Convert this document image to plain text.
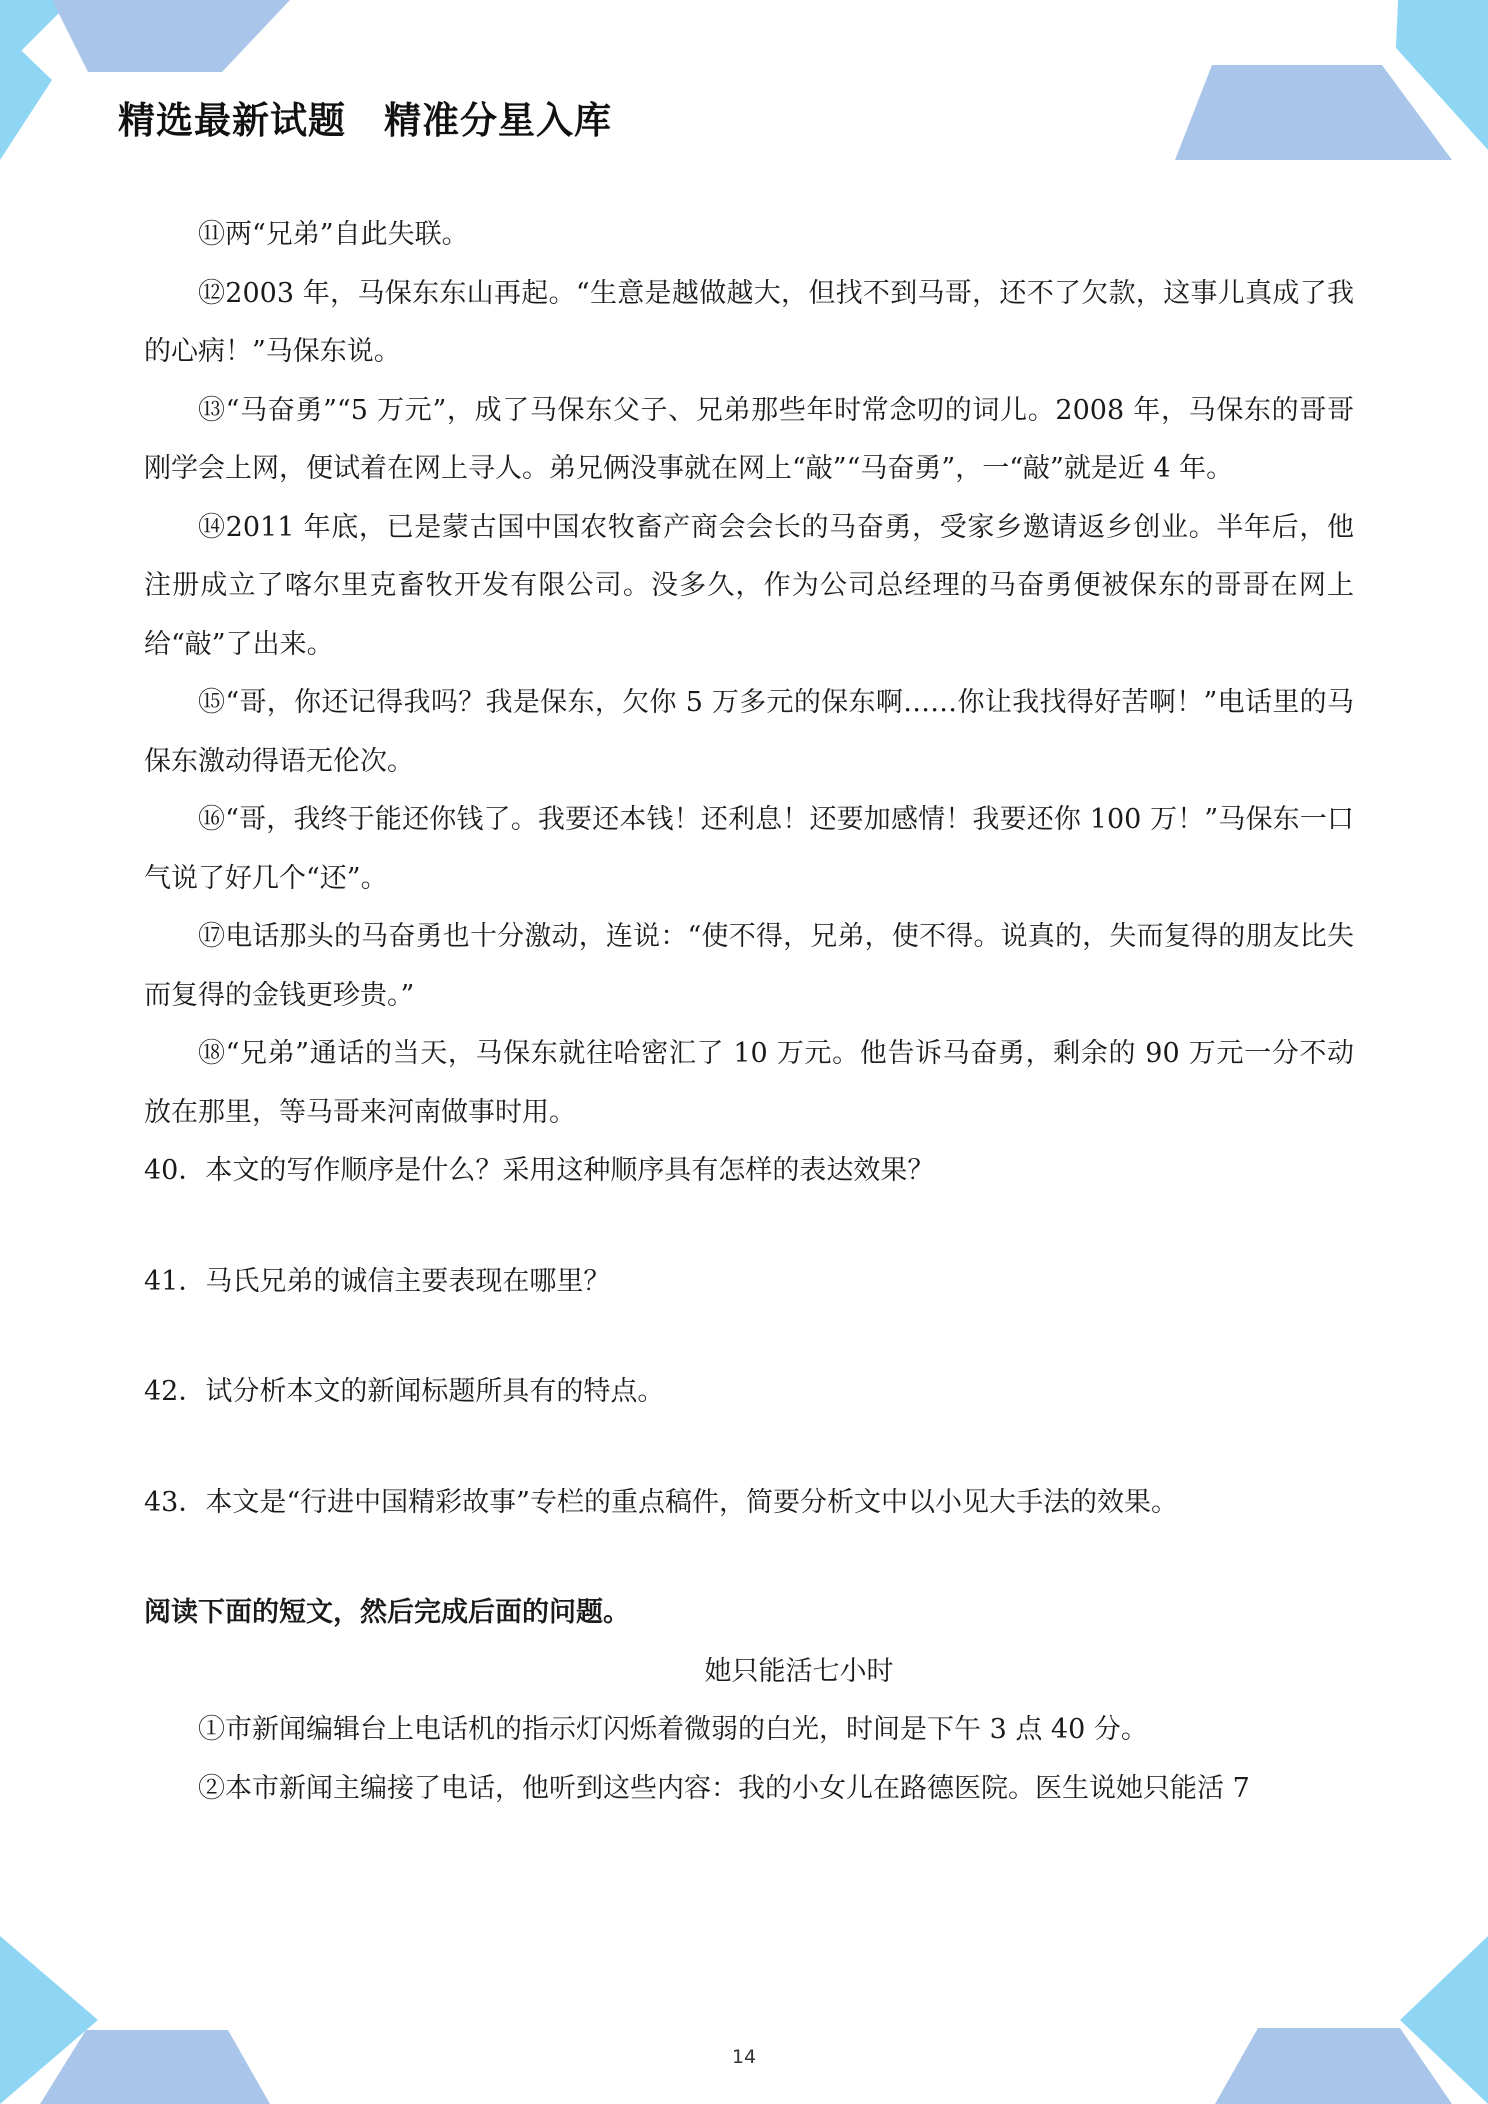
精选最新试题　精准分星入库

⑪两“兄弟”自此失联。

⑫2003 年，马保东东山再起。“生意是越做越大，但找不到马哥，还不了欠款，这事儿真成了我的心病！”马保东说。

⑬“马奋勇”“5 万元”，成了马保东父子、兄弟那些年时常念叨的词儿。2008 年，马保东的哥哥刚学会上网，便试着在网上寻人。弟兄俩没事就在网上“敲”“马奋勇”，一“敲”就是近 4 年。

⑭2011 年底，已是蒙古国中国农牧畜产商会会长的马奋勇，受家乡邀请返乡创业。半年后，他注册成立了喀尔里克畜牧开发有限公司。没多久，作为公司总经理的马奋勇便被保东的哥哥在网上给“敲”了出来。

⑮“哥，你还记得我吗？我是保东，欠你 5 万多元的保东啊……你让我找得好苦啊！”电话里的马保东激动得语无伦次。

⑯“哥，我终于能还你钱了。我要还本钱！还利息！还要加感情！我要还你 100 万！”马保东一口气说了好几个“还”。

⑰电话那头的马奋勇也十分激动，连说：“使不得，兄弟，使不得。说真的，失而复得的朋友比失而复得的金钱更珍贵。”

⑱“兄弟”通话的当天，马保东就往哈密汇了 10 万元。他告诉马奋勇，剩余的 90 万元一分不动放在那里，等马哥来河南做事时用。

40．本文的写作顺序是什么？采用这种顺序具有怎样的表达效果？

41．马氏兄弟的诚信主要表现在哪里？

42．试分析本文的新闻标题所具有的特点。

43．本文是“行进中国精彩故事”专栏的重点稿件，简要分析文中以小见大手法的效果。

阅读下面的短文，然后完成后面的问题。

她只能活七小时

①市新闻编辑台上电话机的指示灯闪烁着微弱的白光，时间是下午 3 点 40 分。

②本市新闻主编接了电话，他听到这些内容：我的小女儿在路德医院。医生说她只能活 7

14
